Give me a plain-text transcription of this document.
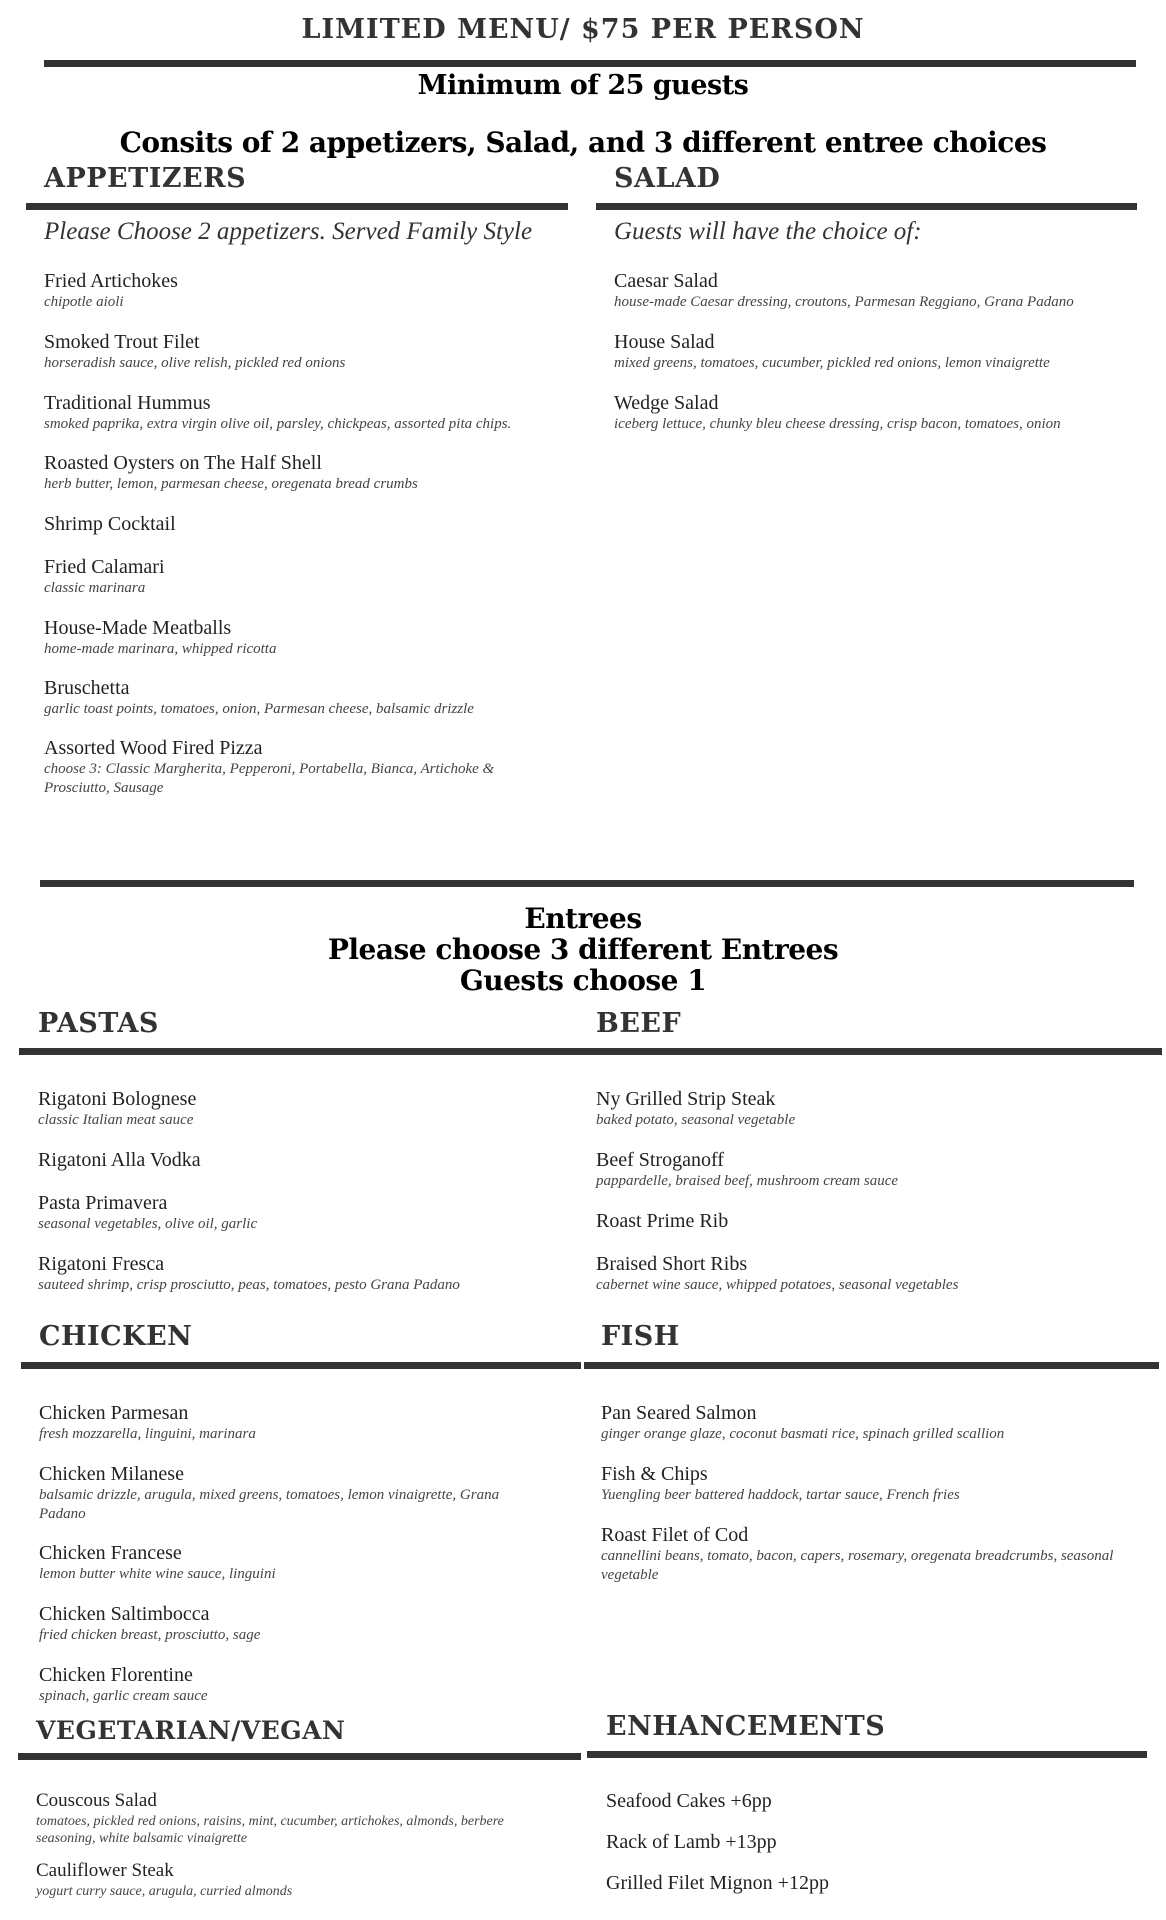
LIMITED MENU/ $75 PER PERSON
Minimum of 25 guests
Consits of 2 appetizers, Salad, and 3 different entree choices
APPETIZERS
Please Choose 2 appetizers. Served Family Style
Fried Artichokes
chipotle aioli
Smoked Trout Filet
horseradish sauce, olive relish, pickled red onions
Traditional Hummus
smoked paprika, extra virgin olive oil, parsley, chickpeas, assorted pita chips.
Roasted Oysters on The Half Shell
herb butter, lemon, parmesan cheese, oregenata bread crumbs
Shrimp Cocktail
Fried Calamari
classic marinara
House-Made Meatballs
home-made marinara, whipped ricotta
Bruschetta
garlic toast points, tomatoes, onion, Parmesan cheese, balsamic drizzle
Assorted Wood Fired Pizza
choose 3: Classic Margherita, Pepperoni, Portabella, Bianca, Artichoke & Prosciutto, Sausage
SALAD
Guests will have the choice of:
Caesar Salad
house-made Caesar dressing, croutons, Parmesan Reggiano, Grana Padano
House Salad
mixed greens, tomatoes, cucumber, pickled red onions, lemon vinaigrette
Wedge Salad
iceberg lettuce, chunky bleu cheese dressing, crisp bacon, tomatoes, onion
Entrees
Please choose 3 different Entrees
Guests choose 1
PASTAS
Rigatoni Bolognese
classic Italian meat sauce
Rigatoni Alla Vodka
Pasta Primavera
seasonal vegetables, olive oil, garlic
Rigatoni Fresca
sauteed shrimp, crisp prosciutto, peas, tomatoes, pesto Grana Padano
BEEF
Ny Grilled Strip Steak
baked potato, seasonal vegetable
Beef Stroganoff
pappardelle, braised beef, mushroom cream sauce
Roast Prime Rib
Braised Short Ribs
cabernet wine sauce, whipped potatoes, seasonal vegetables
CHICKEN
Chicken Parmesan
fresh mozzarella, linguini, marinara
Chicken Milanese
balsamic drizzle, arugula, mixed greens, tomatoes, lemon vinaigrette, Grana Padano
Chicken Francese
lemon butter white wine sauce, linguini
Chicken Saltimbocca
fried chicken breast, prosciutto, sage
Chicken Florentine
spinach, garlic cream sauce
FISH
Pan Seared Salmon
ginger orange glaze, coconut basmati rice, spinach grilled scallion
Fish & Chips
Yuengling beer battered haddock, tartar sauce, French fries
Roast Filet of Cod
cannellini beans, tomato, bacon, capers, rosemary, oregenata breadcrumbs, seasonal vegetable
VEGETARIAN/VEGAN
Couscous Salad
tomatoes, pickled red onions, raisins, mint, cucumber, artichokes, almonds, berbere seasoning, white balsamic vinaigrette
Cauliflower Steak
yogurt curry sauce, arugula, curried almonds
ENHANCEMENTS
Seafood Cakes +6pp
Rack of Lamb +13pp
Grilled Filet Mignon +12pp
